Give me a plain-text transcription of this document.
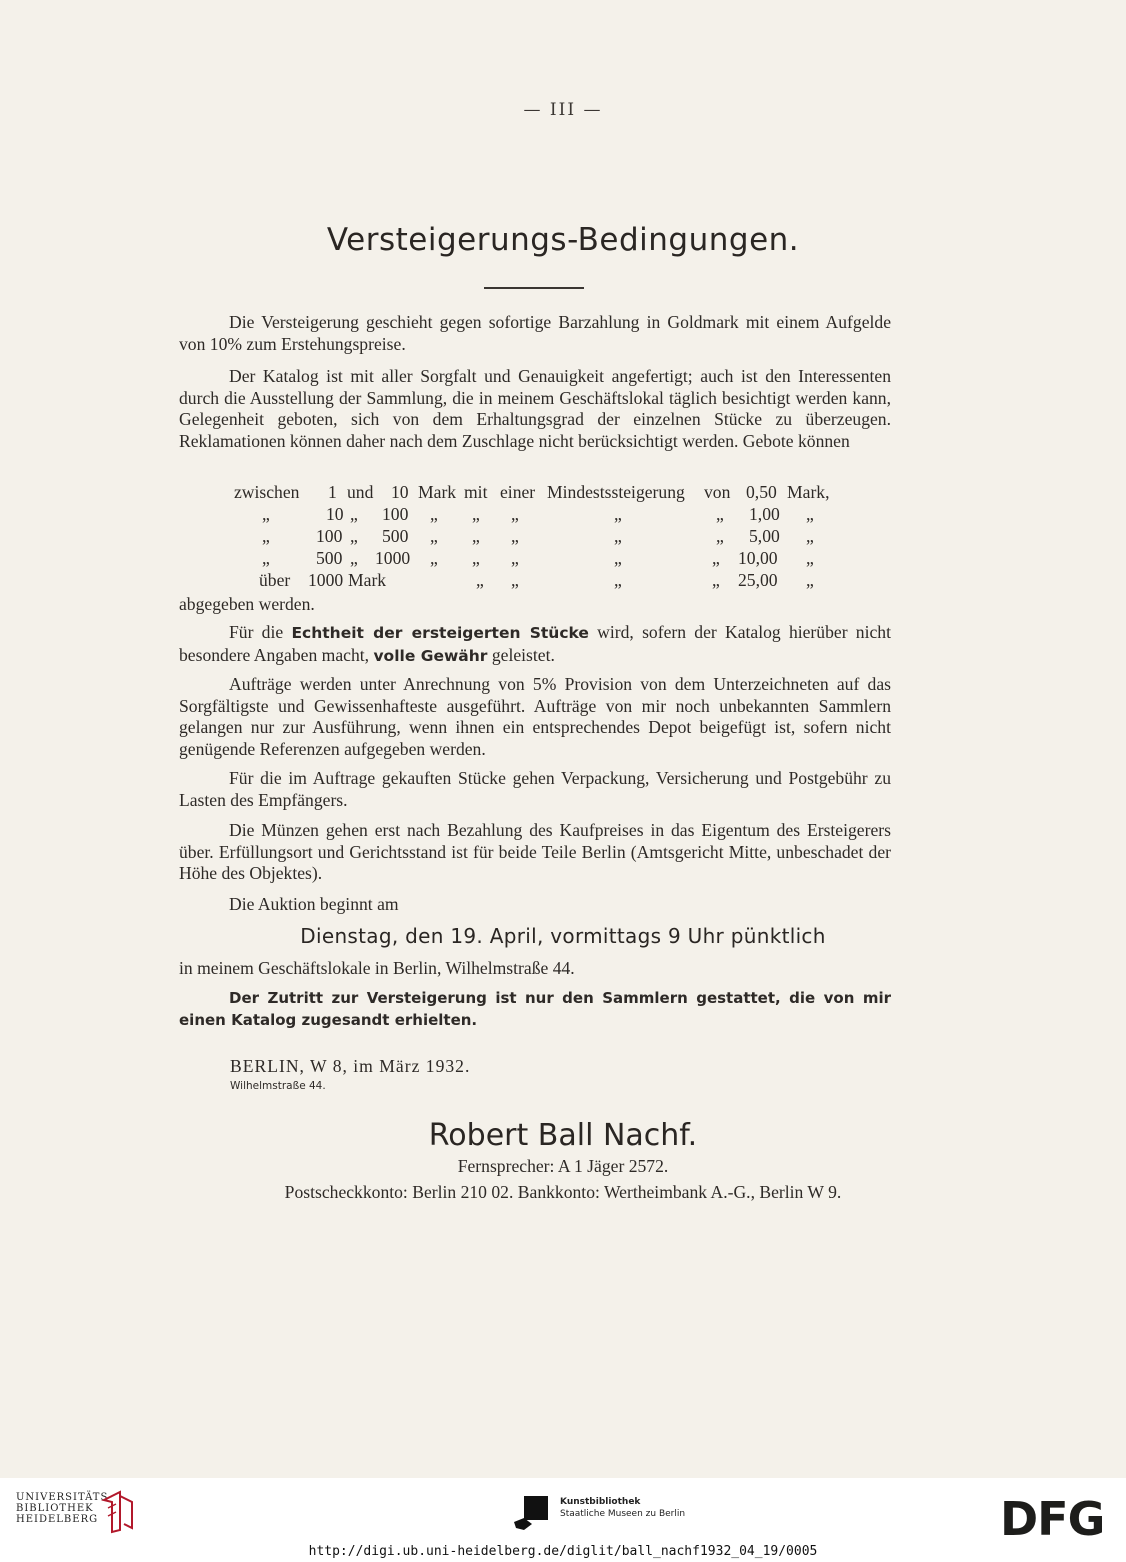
— III —
Versteigerungs-Bedingungen.

Die Versteigerung geschieht gegen sofortige Barzahlung in Goldmark mit einem Aufgelde von 10% zum Erstehungspreise.

Der Katalog ist mit aller Sorgfalt und Genauigkeit angefertigt; auch ist den Interessenten durch die Ausstellung der Sammlung, die in meinem Geschäftslokal täglich besichtigt werden kann, Gelegenheit geboten, sich von dem Erhaltungsgrad der einzelnen Stücke zu überzeugen. Reklamationen können daher nach dem Zuschlage nicht berücksichtigt werden. Gebote können

zwischen 1 und 10 Mark mit einer Mindestssteigerung von 0,50 Mark,
„	10 „ 100 „ „ „	„	„ 1,00 „
„	100 „ 500 „ „ „	„	„ 5,00 „
„	500 „ 1000 „ „ „	„	„ 10,00 „
über 1000 Mark	„ „	„	„ 25,00 „

abgegeben werden.

Für die Echtheit der ersteigerten Stücke wird, sofern der Katalog hierüber nicht besondere Angaben macht, volle Gewähr geleistet.

Aufträge werden unter Anrechnung von 5% Provision von dem Unterzeichneten auf das Sorgfältigste und Gewissenhafteste ausgeführt. Aufträge von mir noch unbekannten Sammlern gelangen nur zur Ausführung, wenn ihnen ein entsprechendes Depot beigefügt ist, sofern nicht genügende Referenzen aufgegeben werden.

Für die im Auftrage gekauften Stücke gehen Verpackung, Versicherung und Postgebühr zu Lasten des Empfängers.

Die Münzen gehen erst nach Bezahlung des Kaufpreises in das Eigentum des Ersteigerers über. Erfüllungsort und Gerichtsstand ist für beide Teile Berlin (Amtsgericht Mitte, unbeschadet der Höhe des Objektes).

Die Auktion beginnt am

Dienstag, den 19. April, vormittags 9 Uhr pünktlich

in meinem Geschäftslokale in Berlin, Wilhelmstraße 44.

Der Zutritt zur Versteigerung ist nur den Sammlern gestattet, die von mir einen Katalog zugesandt erhielten.
BERLIN, W 8, im März 1932.
Wilhelmstraße 44.
Robert Ball Nachf.
Fernsprecher: A 1 Jäger 2572.
Postscheckkonto: Berlin 210 02. Bankkonto: Wertheimbank A.-G., Berlin W 9.
UNIVERSITÄTS-
BIBLIOTHEK
HEIDELBERG
Kunstbibliothek
Staatliche Museen zu Berlin	DFG
http://digi.ub.uni-heidelberg.de/diglit/ball_nachf1932_04_19/0005
